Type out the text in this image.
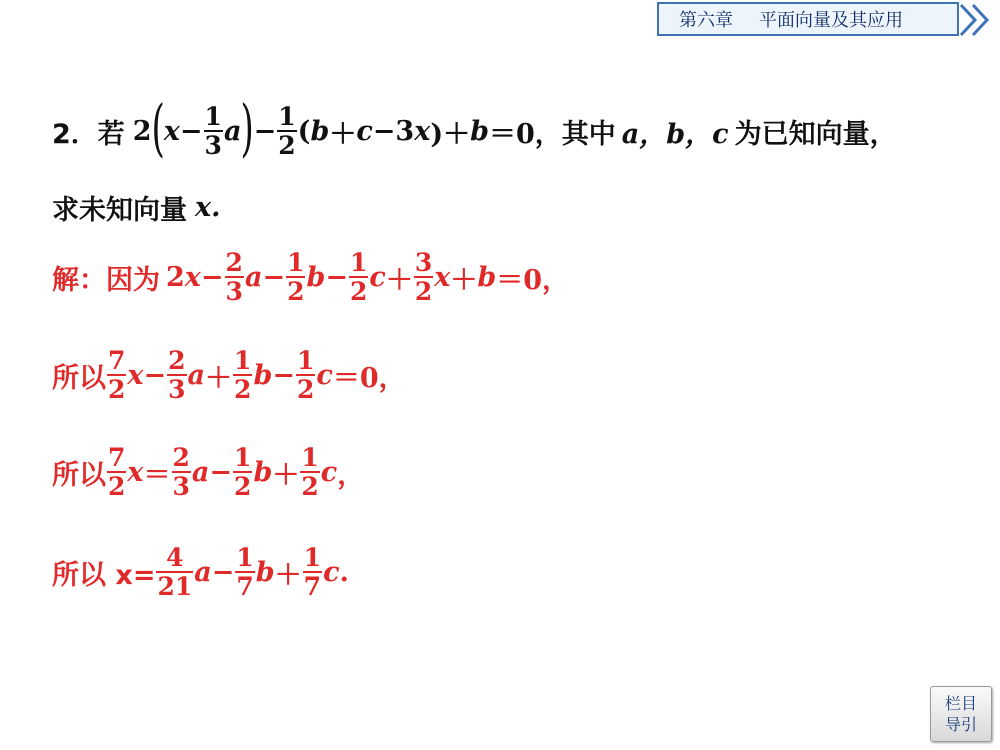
第六章 平面向量及其应用
2．若 2 ( $x - \frac{1}{3}$ a ) − $\frac{1}{2}$ ( b ＋ c −3 x )＋ b ＝0 ，其中 a，b，c 为已知向量，
求未知向量 x.
解：因为 2 $x - \frac{2}{3}$ $a - \frac{1}{2}$ $b - \frac{1}{2}$ $c + \frac{3}{2}$ x ＋ b ＝0，
所以 $\frac{7}{2}$ $x - \frac{2}{3}$ $a + \frac{1}{2}$ $b - \frac{1}{2}$ c ＝0，
所以 $\frac{7}{2}$ $x = \frac{2}{3}$ $a - \frac{1}{2}$ $b + \frac{1}{2}$ c ，
所以 $x= \frac{4}{21}$ $a - \frac{1}{7}$ $b + \frac{1}{7}$ c .
栏目
导引
